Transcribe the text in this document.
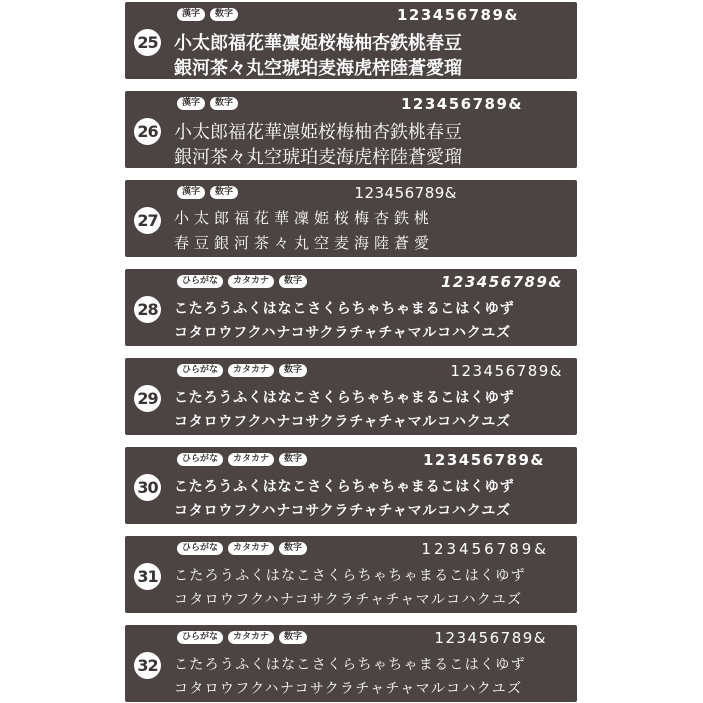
漢字	数字	123456789&
25 小太郎福花華凛姫桜梅柚杏鉄桃春豆
銀河茶々丸空琥珀麦海虎梓陸蒼愛瑠
漢字	数字	123456789&
26 小太郎福花華凛姫桜梅柚杏鉄桃春豆
銀河茶々丸空琥珀麦海虎梓陸蒼愛瑠
漢字	数字	123456789&
27 小太郎福花華凜姫桜梅杏鉄桃
春豆銀河茶々丸空麦海陸蒼愛
ひらがな	カタカナ	数字	123456789&
28 こたろうふくはなこさくらちゃちゃまるこはくゆず
コタロウフクハナコサクラチャチャマルコハクユズ
ひらがな	カタカナ	数字	123456789&
29 こたろうふくはなこさくらちゃちゃまるこはくゆず
コタロウフクハナコサクラチャチャマルコハクユズ
ひらがな	カタカナ	数字	123456789&
30 こたろうふくはなこさくらちゃちゃまるこはくゆず
コタロウフクハナコサクラチャチャマルコハクユズ
ひらがな	カタカナ	数字	123456789&
31 こたろうふくはなこさくらちゃちゃまるこはくゆず
コタロウフクハナコサクラチャチャマルコハクユズ
ひらがな	カタカナ	数字	123456789&
32 こたろうふくはなこさくらちゃちゃまるこはくゆず
コタロウフクハナコサクラチャチャマルコハクユズ
